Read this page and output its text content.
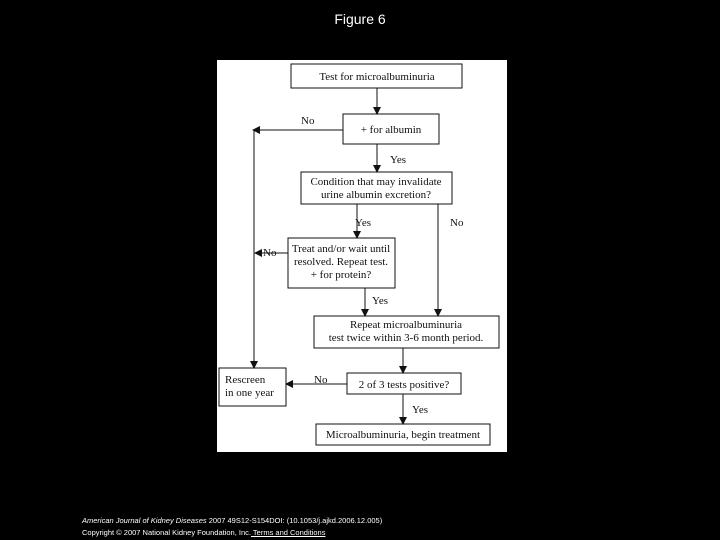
Figure 6
Test for microalbuminuria
+ for albumin
Condition that may invalidate
urine albumin excretion?
Treat and/or wait until
resolved. Repeat test.
+ for protein?
Repeat microalbuminuria
test twice within 3-6 month period.
Rescreen
in one year
2 of 3 tests positive?
Microalbuminuria, begin treatment
No
Yes
Yes	No
No
Yes
No
Yes
American Journal of Kidney Diseases 2007 49S12-S154DOI: (10.1053/j.ajkd.2006.12.005)
Copyright © 2007 National Kidney Foundation, Inc. Terms and Conditions
